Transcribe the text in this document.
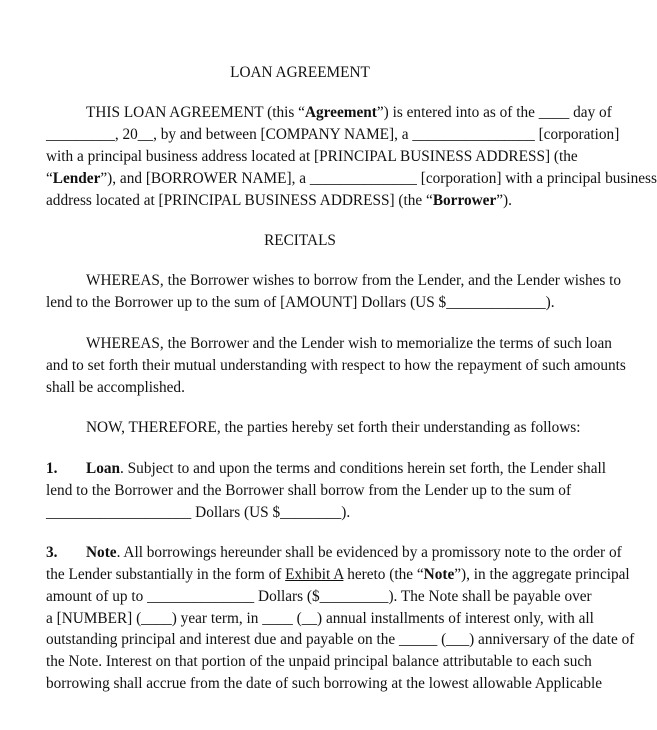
LOAN AGREEMENT
THIS LOAN AGREEMENT (this “Agreement”) is entered into as of the ____ day of
_________, 20__, by and between [COMPANY NAME], a ________________ [corporation]
with a principal business address located at [PRINCIPAL BUSINESS ADDRESS] (the
“Lender”), and [BORROWER NAME], a ______________ [corporation] with a principal business
address located at [PRINCIPAL BUSINESS ADDRESS] (the “Borrower”).
RECITALS
WHEREAS, the Borrower wishes to borrow from the Lender, and the Lender wishes to
lend to the Borrower up to the sum of [AMOUNT] Dollars (US $_____________).
WHEREAS, the Borrower and the Lender wish to memorialize the terms of such loan
and to set forth their mutual understanding with respect to how the repayment of such amounts
shall be accomplished.
NOW, THEREFORE, the parties hereby set forth their understanding as follows:
1.	Loan. Subject to and upon the terms and conditions herein set forth, the Lender shall
lend to the Borrower and the Borrower shall borrow from the Lender up to the sum of
___________________ Dollars (US $________).
3.	Note. All borrowings hereunder shall be evidenced by a promissory note to the order of
the Lender substantially in the form of Exhibit A hereto (the “Note”), in the aggregate principal
amount of up to ______________ Dollars ($_________). The Note shall be payable over
a [NUMBER] (____) year term, in ____ (__) annual installments of interest only, with all
outstanding principal and interest due and payable on the _____ (___) anniversary of the date of
the Note. Interest on that portion of the unpaid principal balance attributable to each such
borrowing shall accrue from the date of such borrowing at the lowest allowable Applicable
